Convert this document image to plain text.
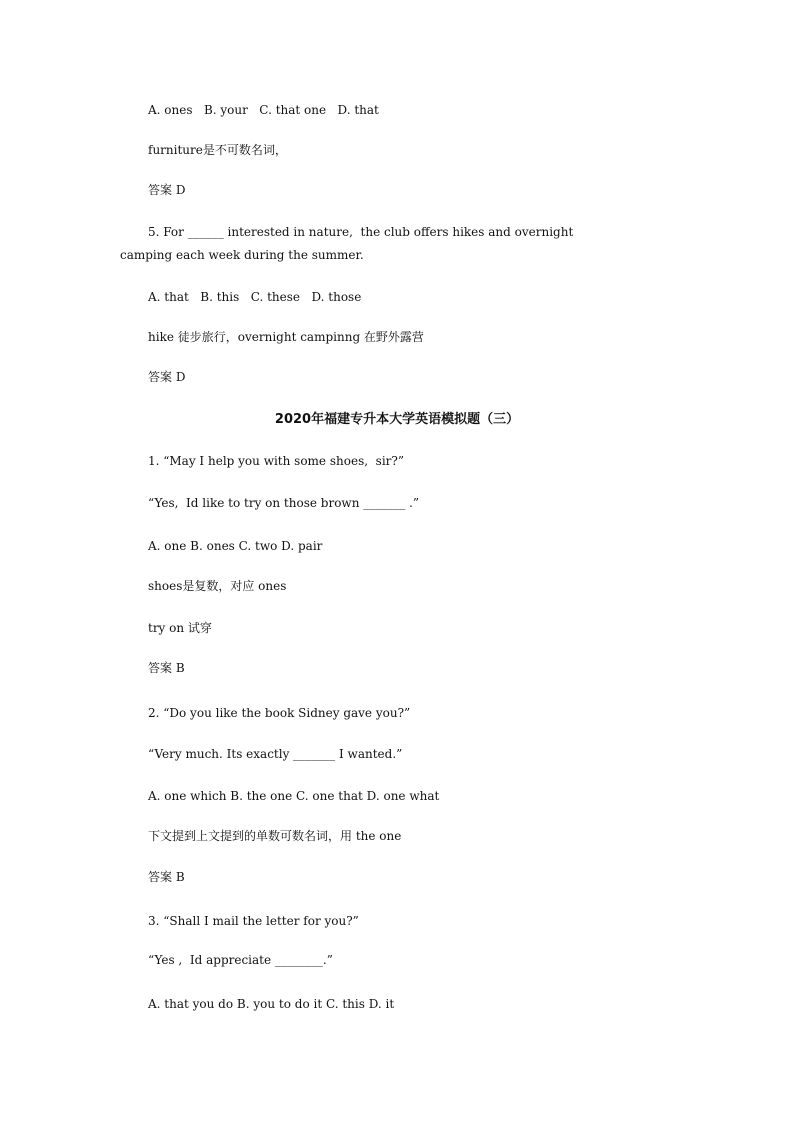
A. ones   B. your   C. that one   D. that
furniture是不可数名词，
答案 D
5. For ______ interested in nature,  the club offers hikes and overnight
camping each week during the summer.
A. that   B. this   C. these   D. those
hike 徒步旅行，overnight campinng 在野外露营
答案 D
2020年福建专升本大学英语模拟题（三）
1. “May I help you with some shoes,  sir?”
“Yes,  Id like to try on those brown _______ .”
A. one B. ones C. two D. pair
shoes是复数，对应 ones
try on 试穿
答案 B
2. “Do you like the book Sidney gave you?”
“Very much. Its exactly _______ I wanted.”
A. one which B. the one C. one that D. one what
下文提到上文提到的单数可数名词，用 the one
答案 B
3. “Shall I mail the letter for you?”
“Yes ,  Id appreciate ________.”
A. that you do B. you to do it C. this D. it
